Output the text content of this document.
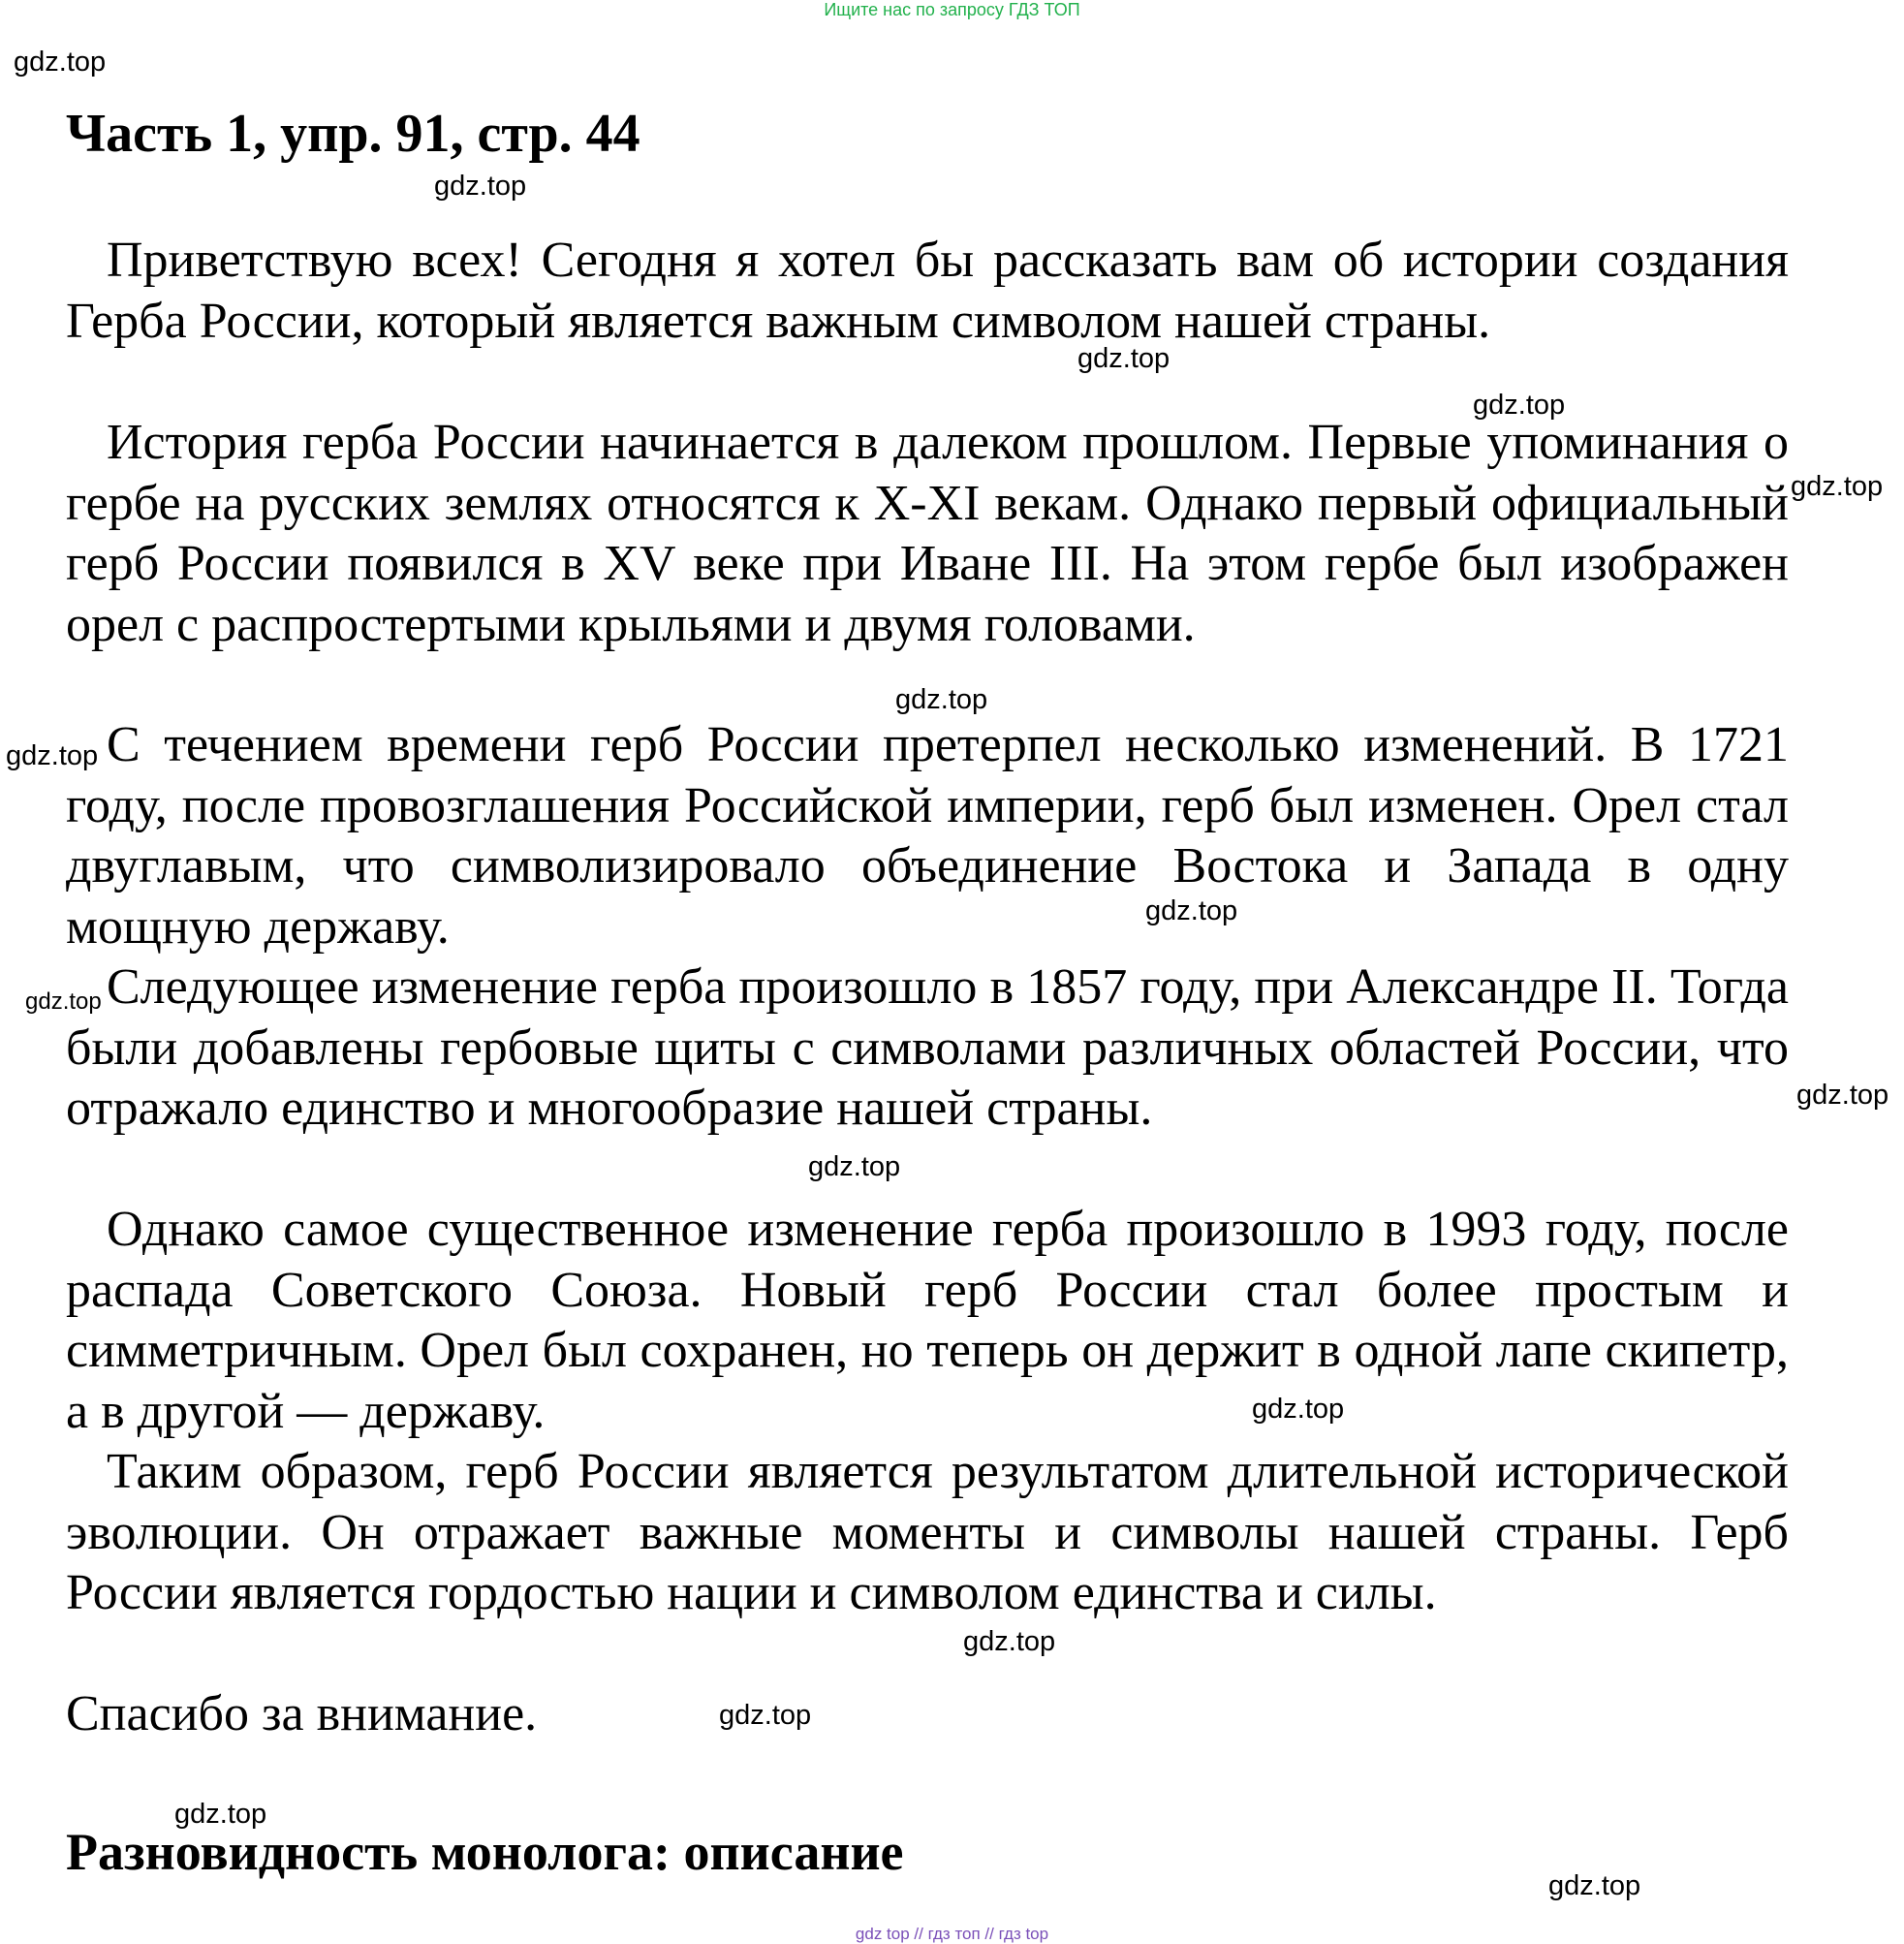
Ищите нас по запросу ГДЗ ТОП
Часть 1, упр. 91, стр. 44
Приветствую всех! Сегодня я хотел бы рассказать вам об истории создания Герба России, который является важным символом нашей страны.
История герба России начинается в далеком прошлом. Первые упоминания о гербе на русских землях относятся к X-XI векам. Однако первый официальный герб России появился в XV веке при Иване III. На этом гербе был изображен орел с распростертыми крыльями и двумя головами.
С течением времени герб России претерпел несколько изменений. В 1721 году, после провозглашения Российской империи, герб был изменен. Орел стал двуглавым, что символизировало объединение Востока и Запада в одну мощную державу.
Следующее изменение герба произошло в 1857 году, при Александре II. Тогда были добавлены гербовые щиты с символами различных областей России, что отражало единство и многообразие нашей страны.
Однако самое существенное изменение герба произошло в 1993 году, после распада Советского Союза. Новый герб России стал более простым и симметричным. Орел был сохранен, но теперь он держит в одной лапе скипетр, а в другой — державу.
Таким образом, герб России является результатом длительной исторической эволюции. Он отражает важные моменты и символы нашей страны. Герб России является гордостью нации и символом единства и силы.
Спасибо за внимание.
Разновидность монолога: описание
gdz.top
gdz.top
gdz.top
gdz.top
gdz.top
gdz.top
gdz.top
gdz.top
gdz.top
gdz.top
gdz.top
gdz.top
gdz.top
gdz.top
gdz.top
gdz.top
gdz top // гдз топ // гдз top
